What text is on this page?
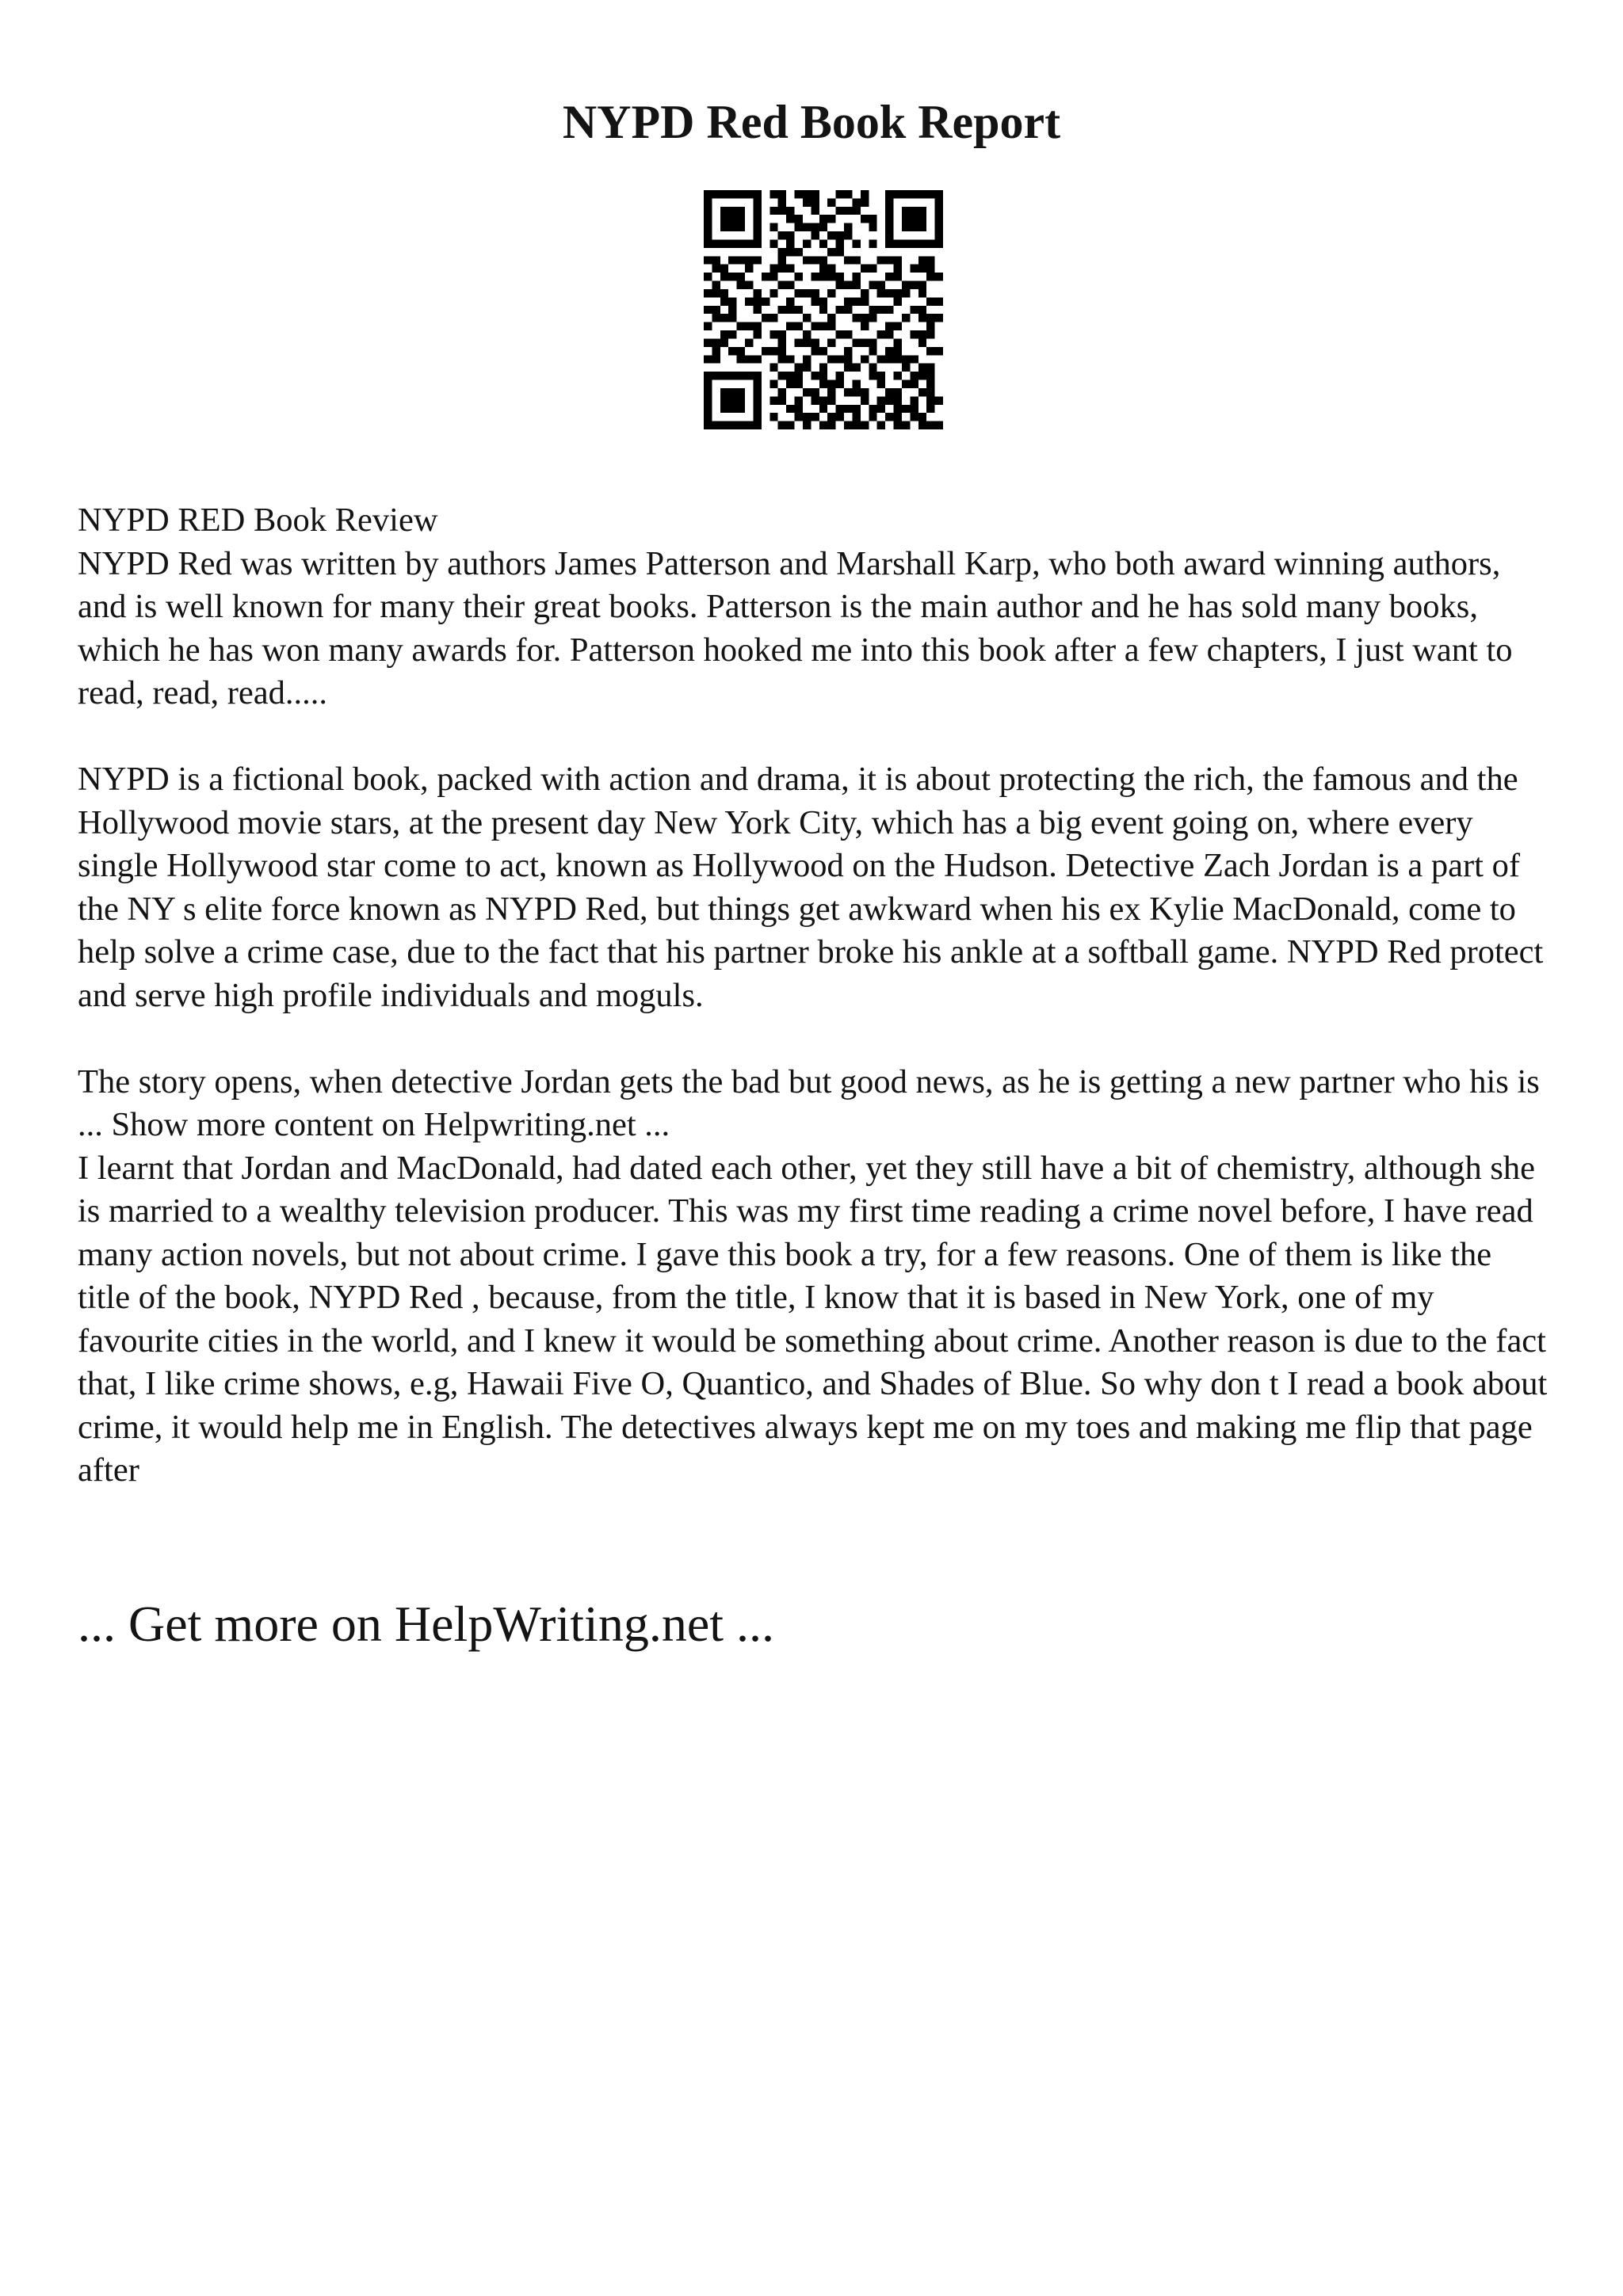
NYPD Red Book Report

NYPD RED Book Review

NYPD Red was written by authors James Patterson and Marshall Karp, who both award winning authors, and is well known for many their great books. Patterson is the main author and he has sold many books, which he has won many awards for. Patterson hooked me into this book after a few chapters, I just want to read, read, read.....

NYPD is a fictional book, packed with action and drama, it is about protecting the rich, the famous and the Hollywood movie stars, at the present day New York City, which has a big event going on, where every single Hollywood star come to act, known as Hollywood on the Hudson. Detective Zach Jordan is a part of the NY s elite force known as NYPD Red, but things get awkward when his ex Kylie MacDonald, come to help solve a crime case, due to the fact that his partner broke his ankle at a softball game. NYPD Red protect and serve high profile individuals and moguls.

The story opens, when detective Jordan gets the bad but good news, as he is getting a new partner who his is ... Show more content on Helpwriting.net ...

I learnt that Jordan and MacDonald, had dated each other, yet they still have a bit of chemistry, although she is married to a wealthy television producer. This was my first time reading a crime novel before, I have read many action novels, but not about crime. I gave this book a try, for a few reasons. One of them is like the title of the book, NYPD Red , because, from the title, I know that it is based in New York, one of my favourite cities in the world, and I knew it would be something about crime. Another reason is due to the fact that, I like crime shows, e.g, Hawaii Five O, Quantico, and Shades of Blue. So why don t I read a book about crime, it would help me in English. The detectives always kept me on my toes and making me flip that page after

... Get more on HelpWriting.net ...
